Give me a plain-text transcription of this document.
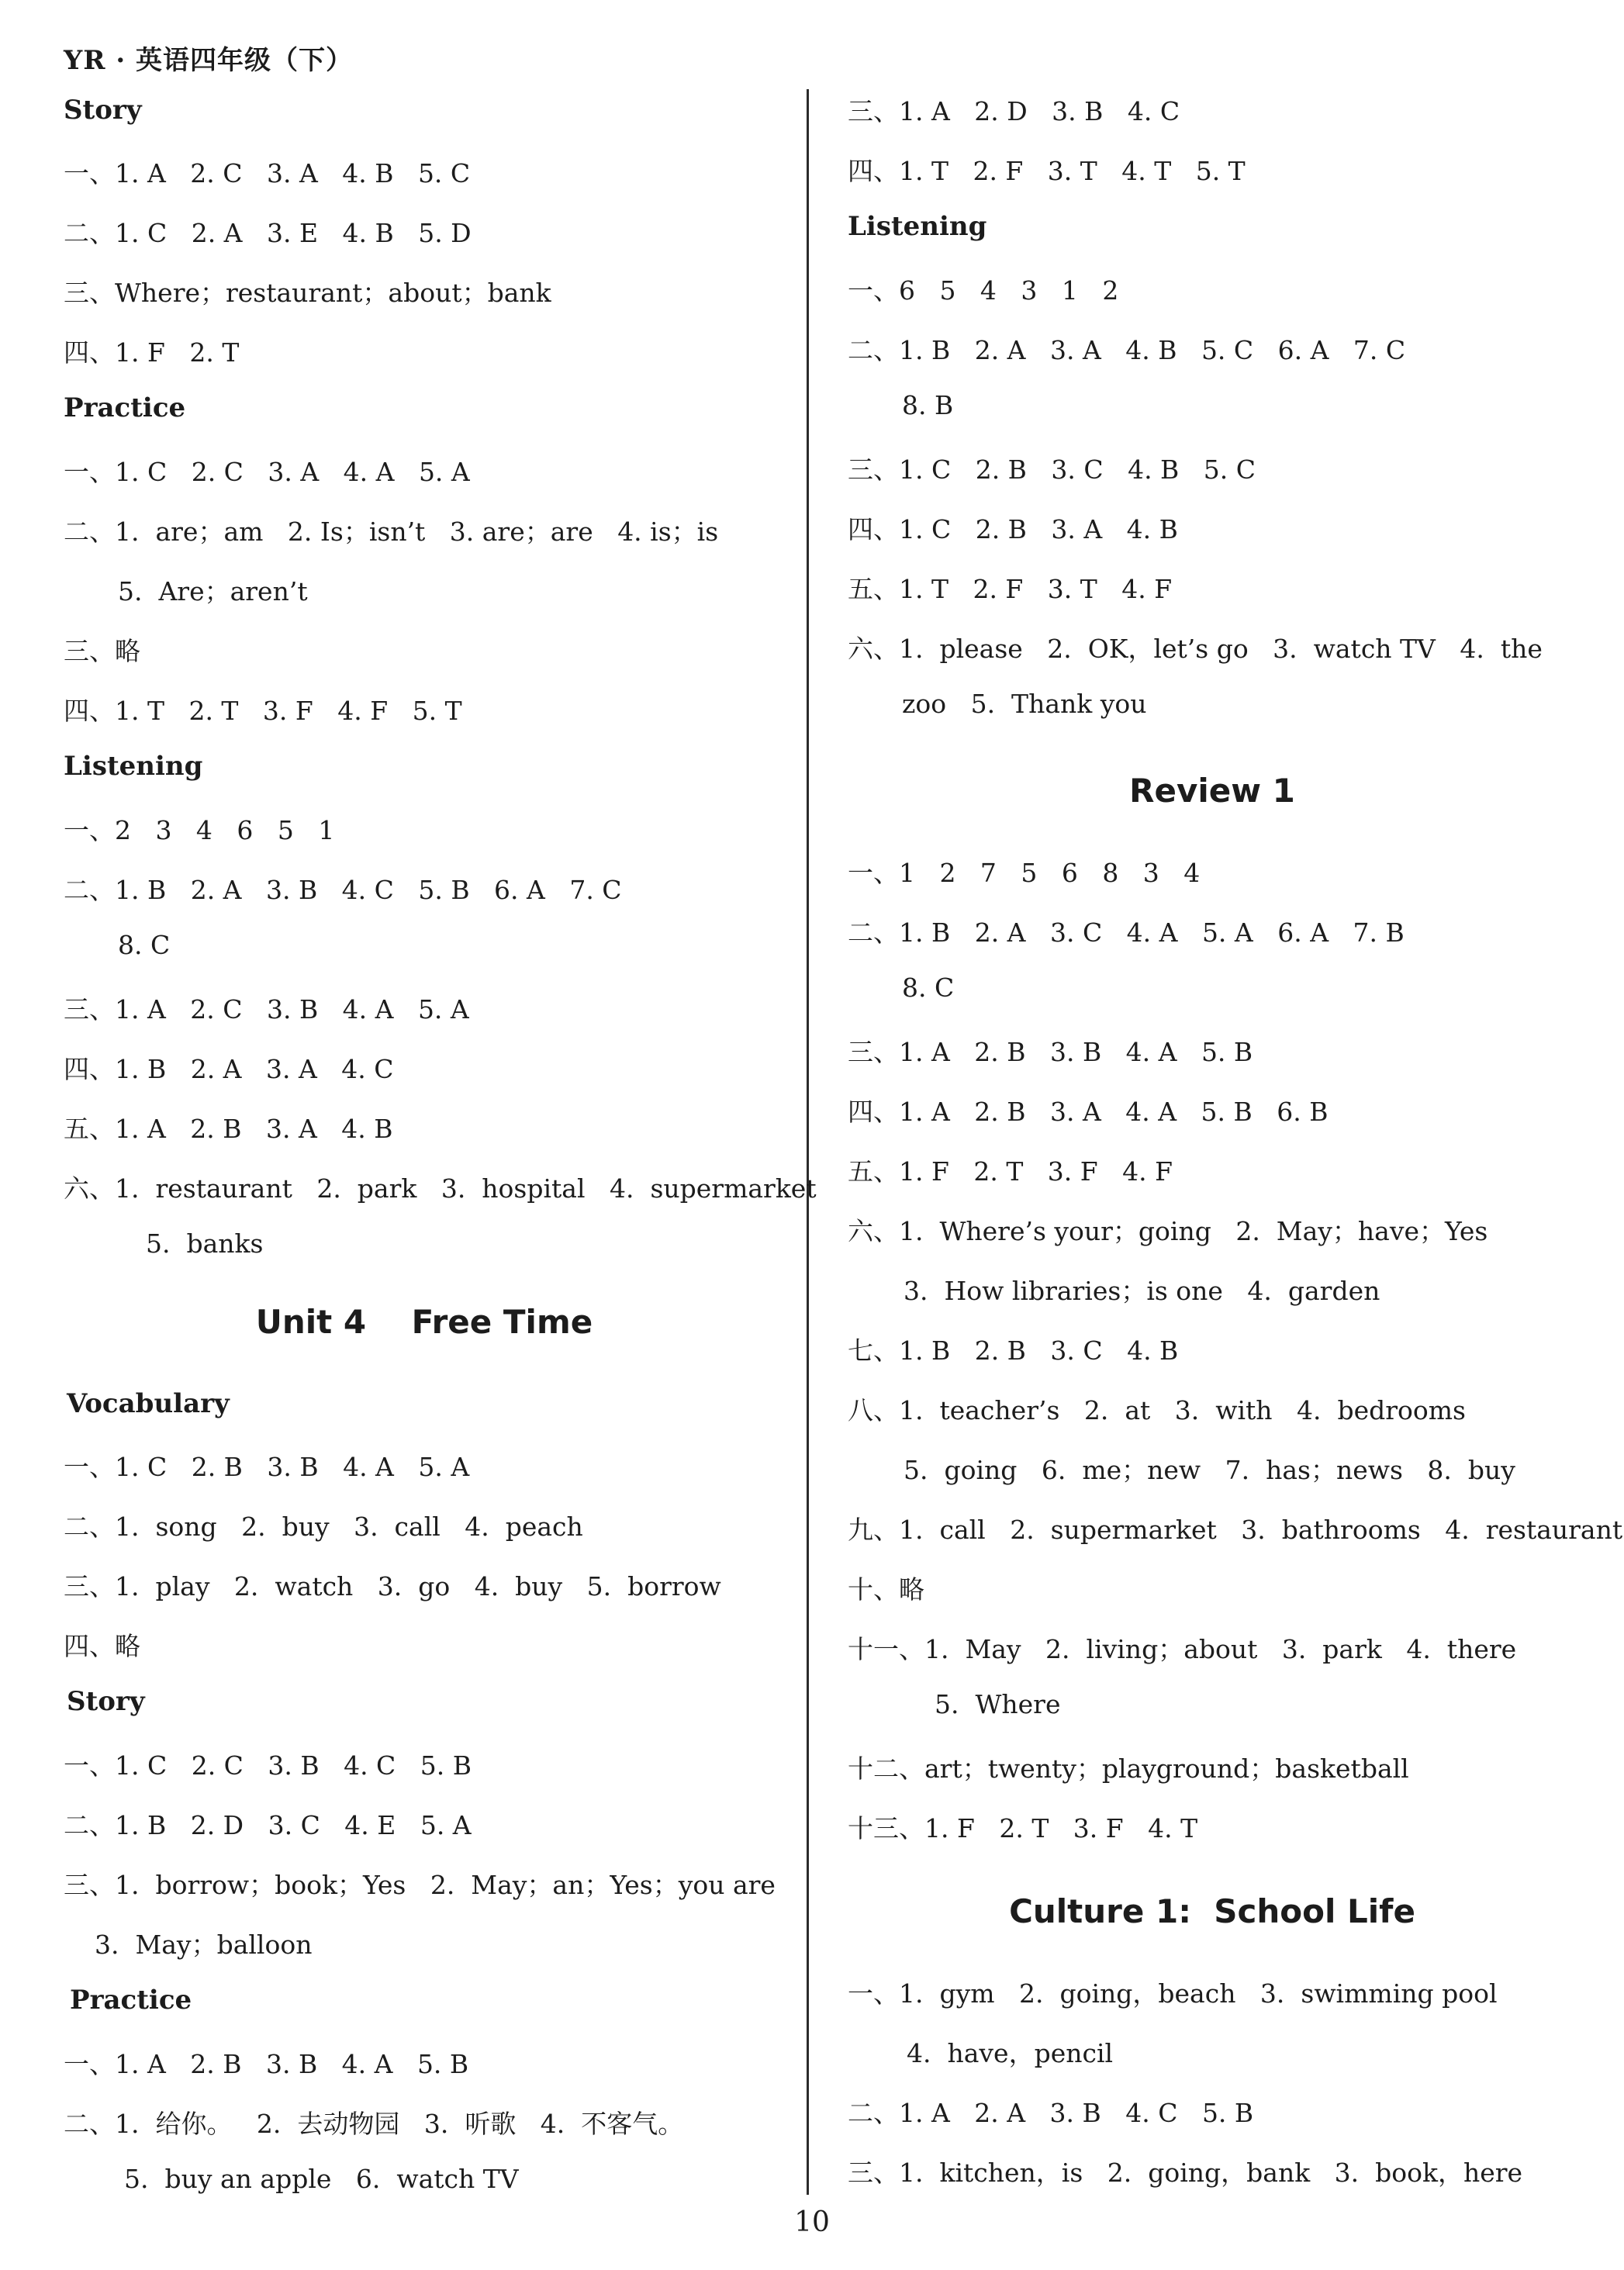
YR · 英语四年级（下）
Story
一、1. A   2. C   3. A   4. B   5. C
二、1. C   2. A   3. E   4. B   5. D
三、Where；restaurant；about；bank
四、1. F   2. T
Practice
一、1. C   2. C   3. A   4. A   5. A
二、1.  are；am   2. Is；isn’t   3. are；are   4. is；is
5.  Are；aren’t
三、略
四、1. T   2. T   3. F   4. F   5. T
Listening
一、2   3   4   6   5   1
二、1. B   2. A   3. B   4. C   5. B   6. A   7. C
8. C
三、1. A   2. C   3. B   4. A   5. A
四、1. B   2. A   3. A   4. C
五、1. A   2. B   3. A   4. B
六、1.  restaurant   2.  park   3.  hospital   4.  supermarket
5.  banks
Unit 4    Free Time
Vocabulary
一、1. C   2. B   3. B   4. A   5. A
二、1.  song   2.  buy   3.  call   4.  peach
三、1.  play   2.  watch   3.  go   4.  buy   5.  borrow
四、略
Story
一、1. C   2. C   3. B   4. C   5. B
二、1. B   2. D   3. C   4. E   5. A
三、1.  borrow；book；Yes   2.  May；an；Yes；you are
3.  May；balloon
Practice
一、1. A   2. B   3. B   4. A   5. B
二、1.  给你。   2.  去动物园   3.  听歌   4.  不客气。
5.  buy an apple   6.  watch TV
三、1. A   2. D   3. B   4. C
四、1. T   2. F   3. T   4. T   5. T
Listening
一、6   5   4   3   1   2
二、1. B   2. A   3. A   4. B   5. C   6. A   7. C
8. B
三、1. C   2. B   3. C   4. B   5. C
四、1. C   2. B   3. A   4. B
五、1. T   2. F   3. T   4. F
六、1.  please   2.  OK，let’s go   3.  watch TV   4.  the
zoo   5.  Thank you
Review 1
一、1   2   7   5   6   8   3   4
二、1. B   2. A   3. C   4. A   5. A   6. A   7. B
8. C
三、1. A   2. B   3. B   4. A   5. B
四、1. A   2. B   3. A   4. A   5. B   6. B
五、1. F   2. T   3. F   4. F
六、1.  Where’s your；going   2.  May；have；Yes
3.  How libraries；is one   4.  garden
七、1. B   2. B   3. C   4. B
八、1.  teacher’s   2.  at   3.  with   4.  bedrooms
5.  going   6.  me；new   7.  has；news   8.  buy
九、1.  call   2.  supermarket   3.  bathrooms   4.  restaurant
十、略
十一、1.  May   2.  living；about   3.  park   4.  there
5.  Where
十二、art；twenty；playground；basketball
十三、1. F   2. T   3. F   4. T
Culture 1:  School Life
一、1.  gym   2.  going，beach   3.  swimming pool
4.  have，pencil
二、1. A   2. A   3. B   4. C   5. B
三、1.  kitchen，is   2.  going，bank   3.  book，here
10
